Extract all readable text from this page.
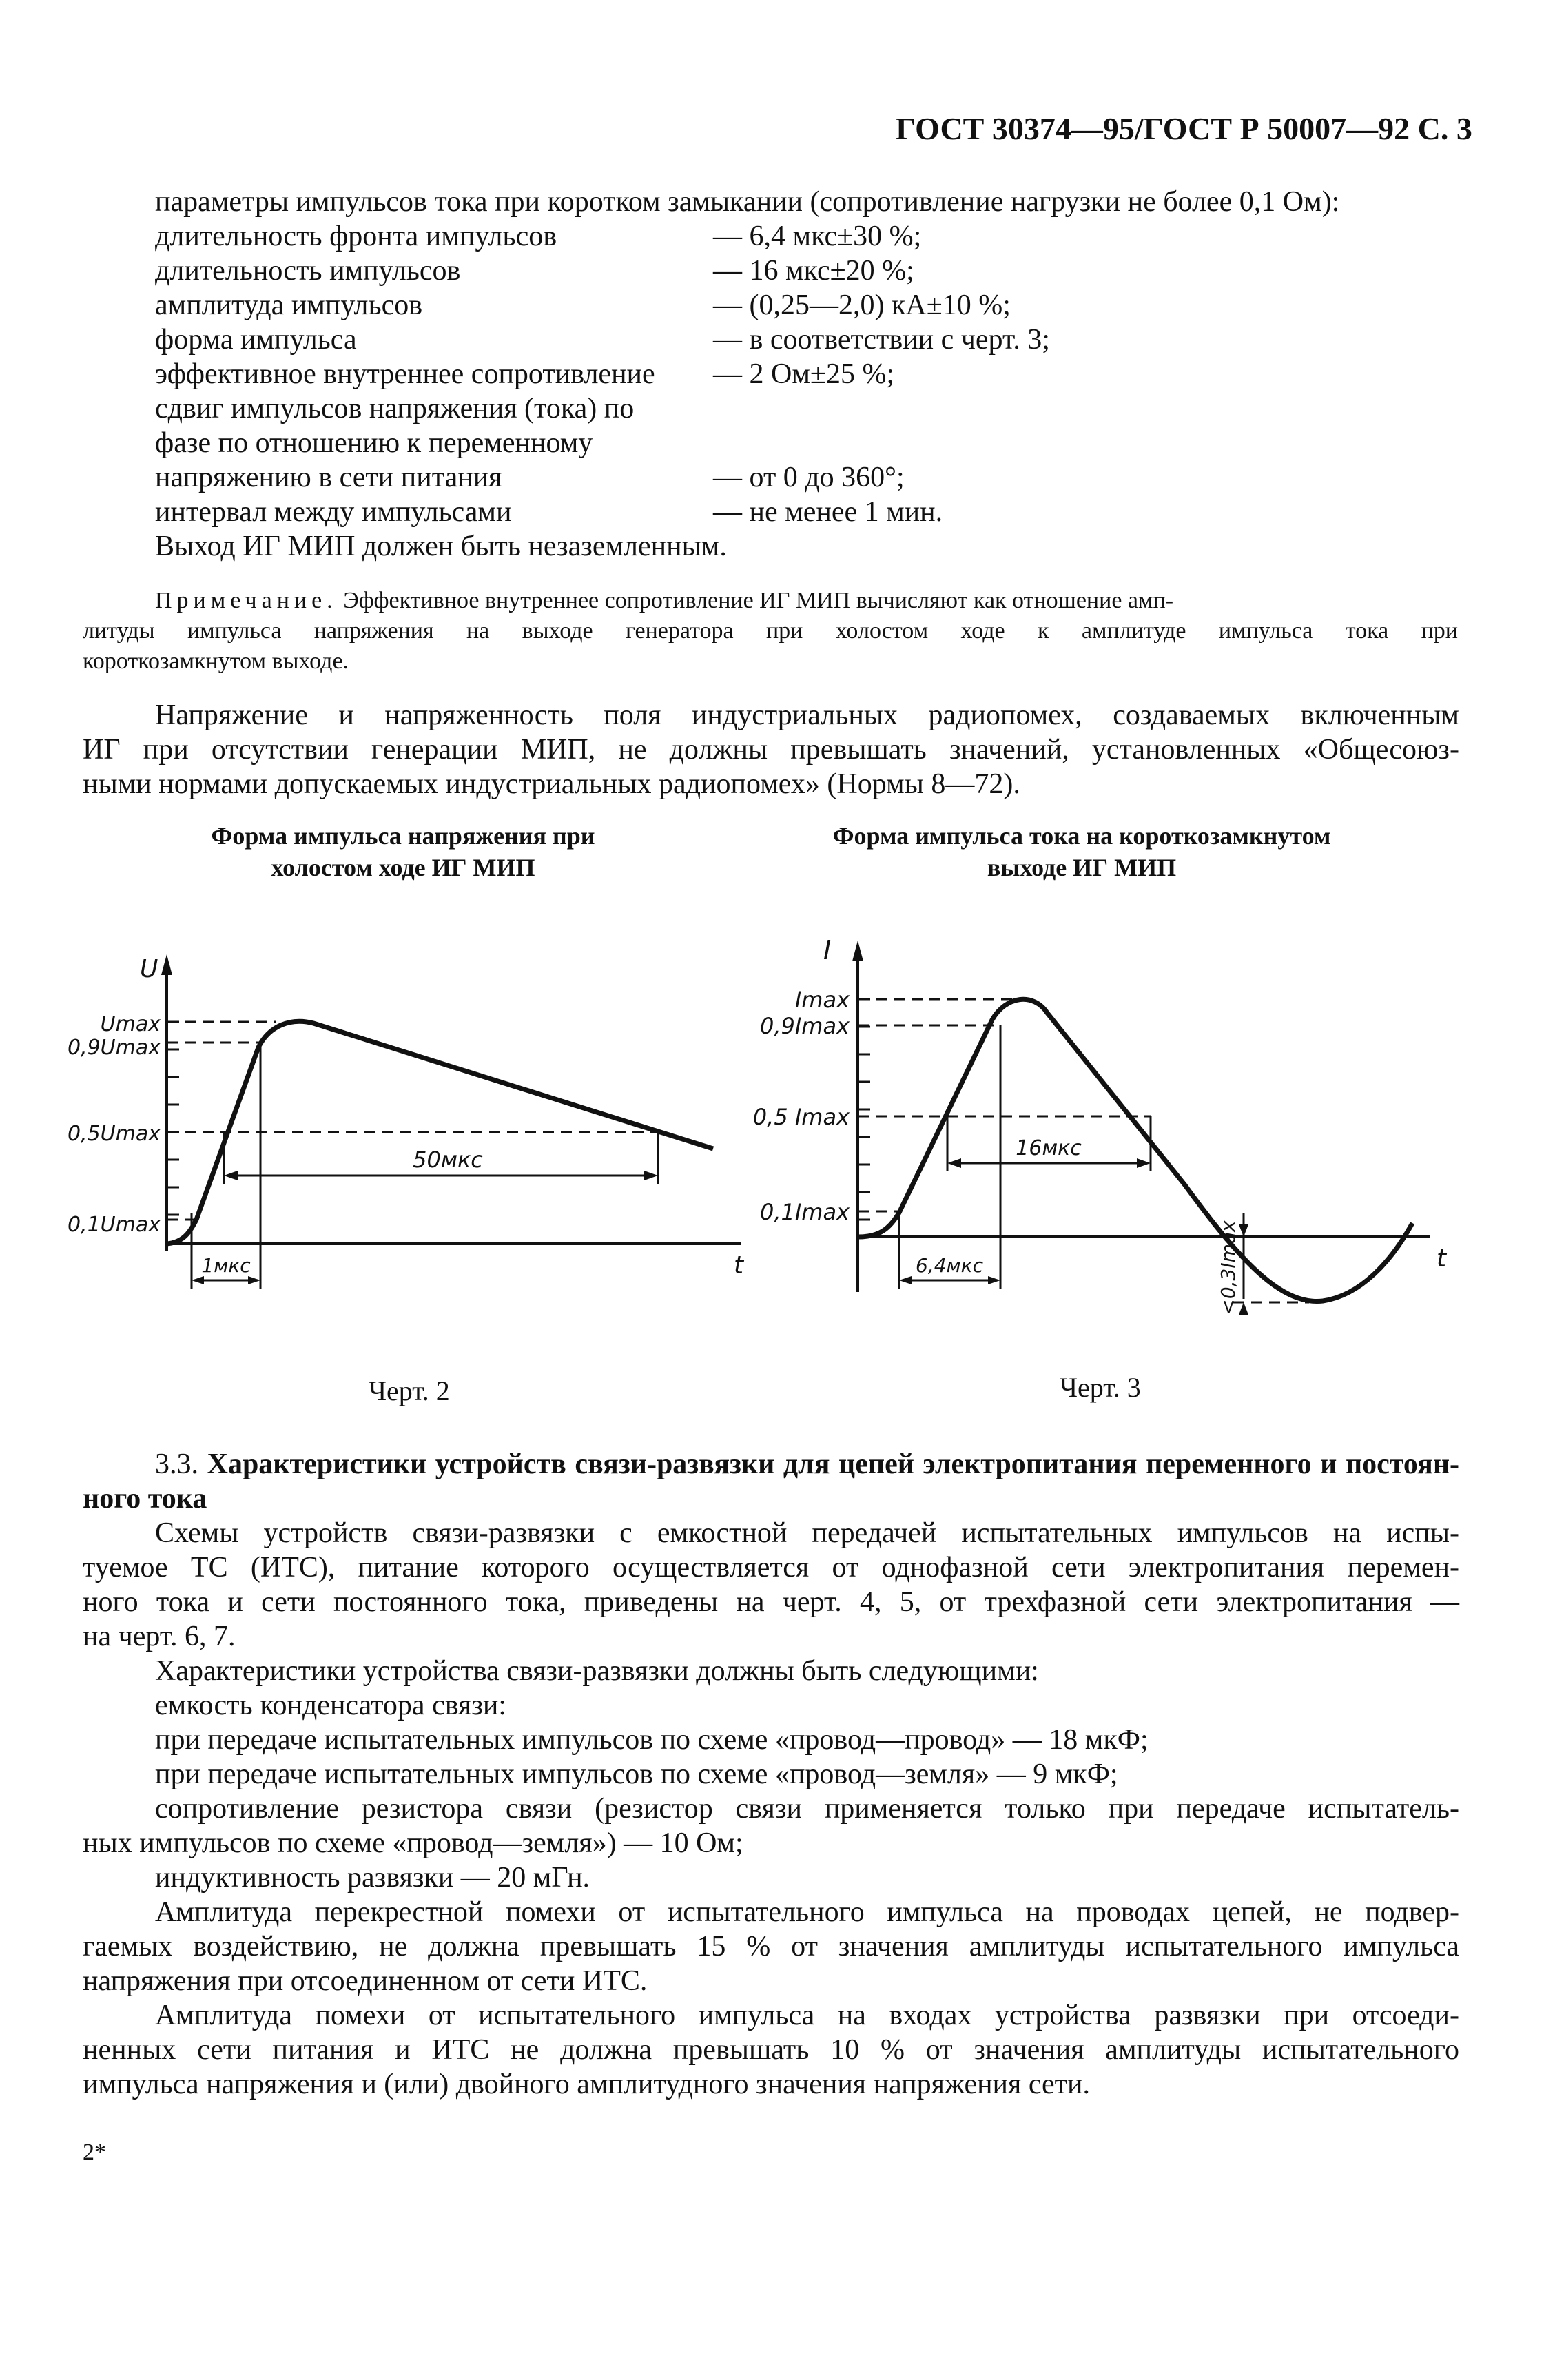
ГОСТ 30374—95/ГОСТ Р 50007—92 С. 3
параметры импульсов тока при коротком замыкании (сопротивление нагрузки не более 0,1 Ом):
длительность фронта импульсов	— 6,4 мкс±30 %;
длительность импульсов	— 16 мкс±20 %;
амплитуда импульсов	— (0,25—2,0) кА±10 %;
форма импульса	— в соответствии с черт. 3;
эффективное внутреннее сопротивление — 2 Ом±25 %;
сдвиг импульсов напряжения (тока) по
фазе по отношению к переменному
напряжению в сети питания	— от 0 до 360°;
интервал между импульсами	— не менее 1 мин.
Выход ИГ МИП должен быть незаземленным.
Примечание. Эффективное внутреннее сопротивление ИГ МИП вычисляют как отношение амп-
литуды импульса напряжения на выходе генератора при холостом ходе к амплитуде импульса тока при
короткозамкнутом выходе.
Напряжение и напряженность поля индустриальных радиопомех, создаваемых включенным
ИГ при отсутствии генерации МИП, не должны превышать значений, установленных «Общесоюз-
ными нормами допускаемых индустриальных радиопомех» (Нормы 8—72).
Форма импульса напряжения при
холостом ходе ИГ МИП
Форма импульса тока на короткозамкнутом
выходе ИГ МИП
U
t
Umax
0,9Umax
0,5Umax
0,1Umax
50мкс
1мкс
I
t
Imax
0,9Imax
0,5 Imax
0,1Imax
16мкс
6,4мкс	<0,3Imax
Черт. 2	Черт. 3
3.3. Характеристики устройств связи-развязки для цепей электропитания переменного и постоян-
ного тока
Схемы устройств связи-развязки с емкостной передачей испытательных импульсов на испы-
туемое ТС (ИТС), питание которого осуществляется от однофазной сети электропитания перемен-
ного тока и сети постоянного тока, приведены на черт. 4, 5, от трехфазной сети электропитания —
на черт. 6, 7.
Характеристики устройства связи-развязки должны быть следующими:
емкость конденсатора связи:
при передаче испытательных импульсов по схеме «провод—провод» — 18 мкФ;
при передаче испытательных импульсов по схеме «провод—земля» — 9 мкФ;
сопротивление резистора связи (резистор связи применяется только при передаче испытатель-
ных импульсов по схеме «провод—земля») — 10 Ом;
индуктивность развязки — 20 мГн.
Амплитуда перекрестной помехи от испытательного импульса на проводах цепей, не подвер-
гаемых воздействию, не должна превышать 15 % от значения амплитуды испытательного импульса
напряжения при отсоединенном от сети ИТС.
Амплитуда помехи от испытательного импульса на входах устройства развязки при отсоеди-
ненных сети питания и ИТС не должна превышать 10 % от значения амплитуды испытательного
импульса напряжения и (или) двойного амплитудного значения напряжения сети.
2*
